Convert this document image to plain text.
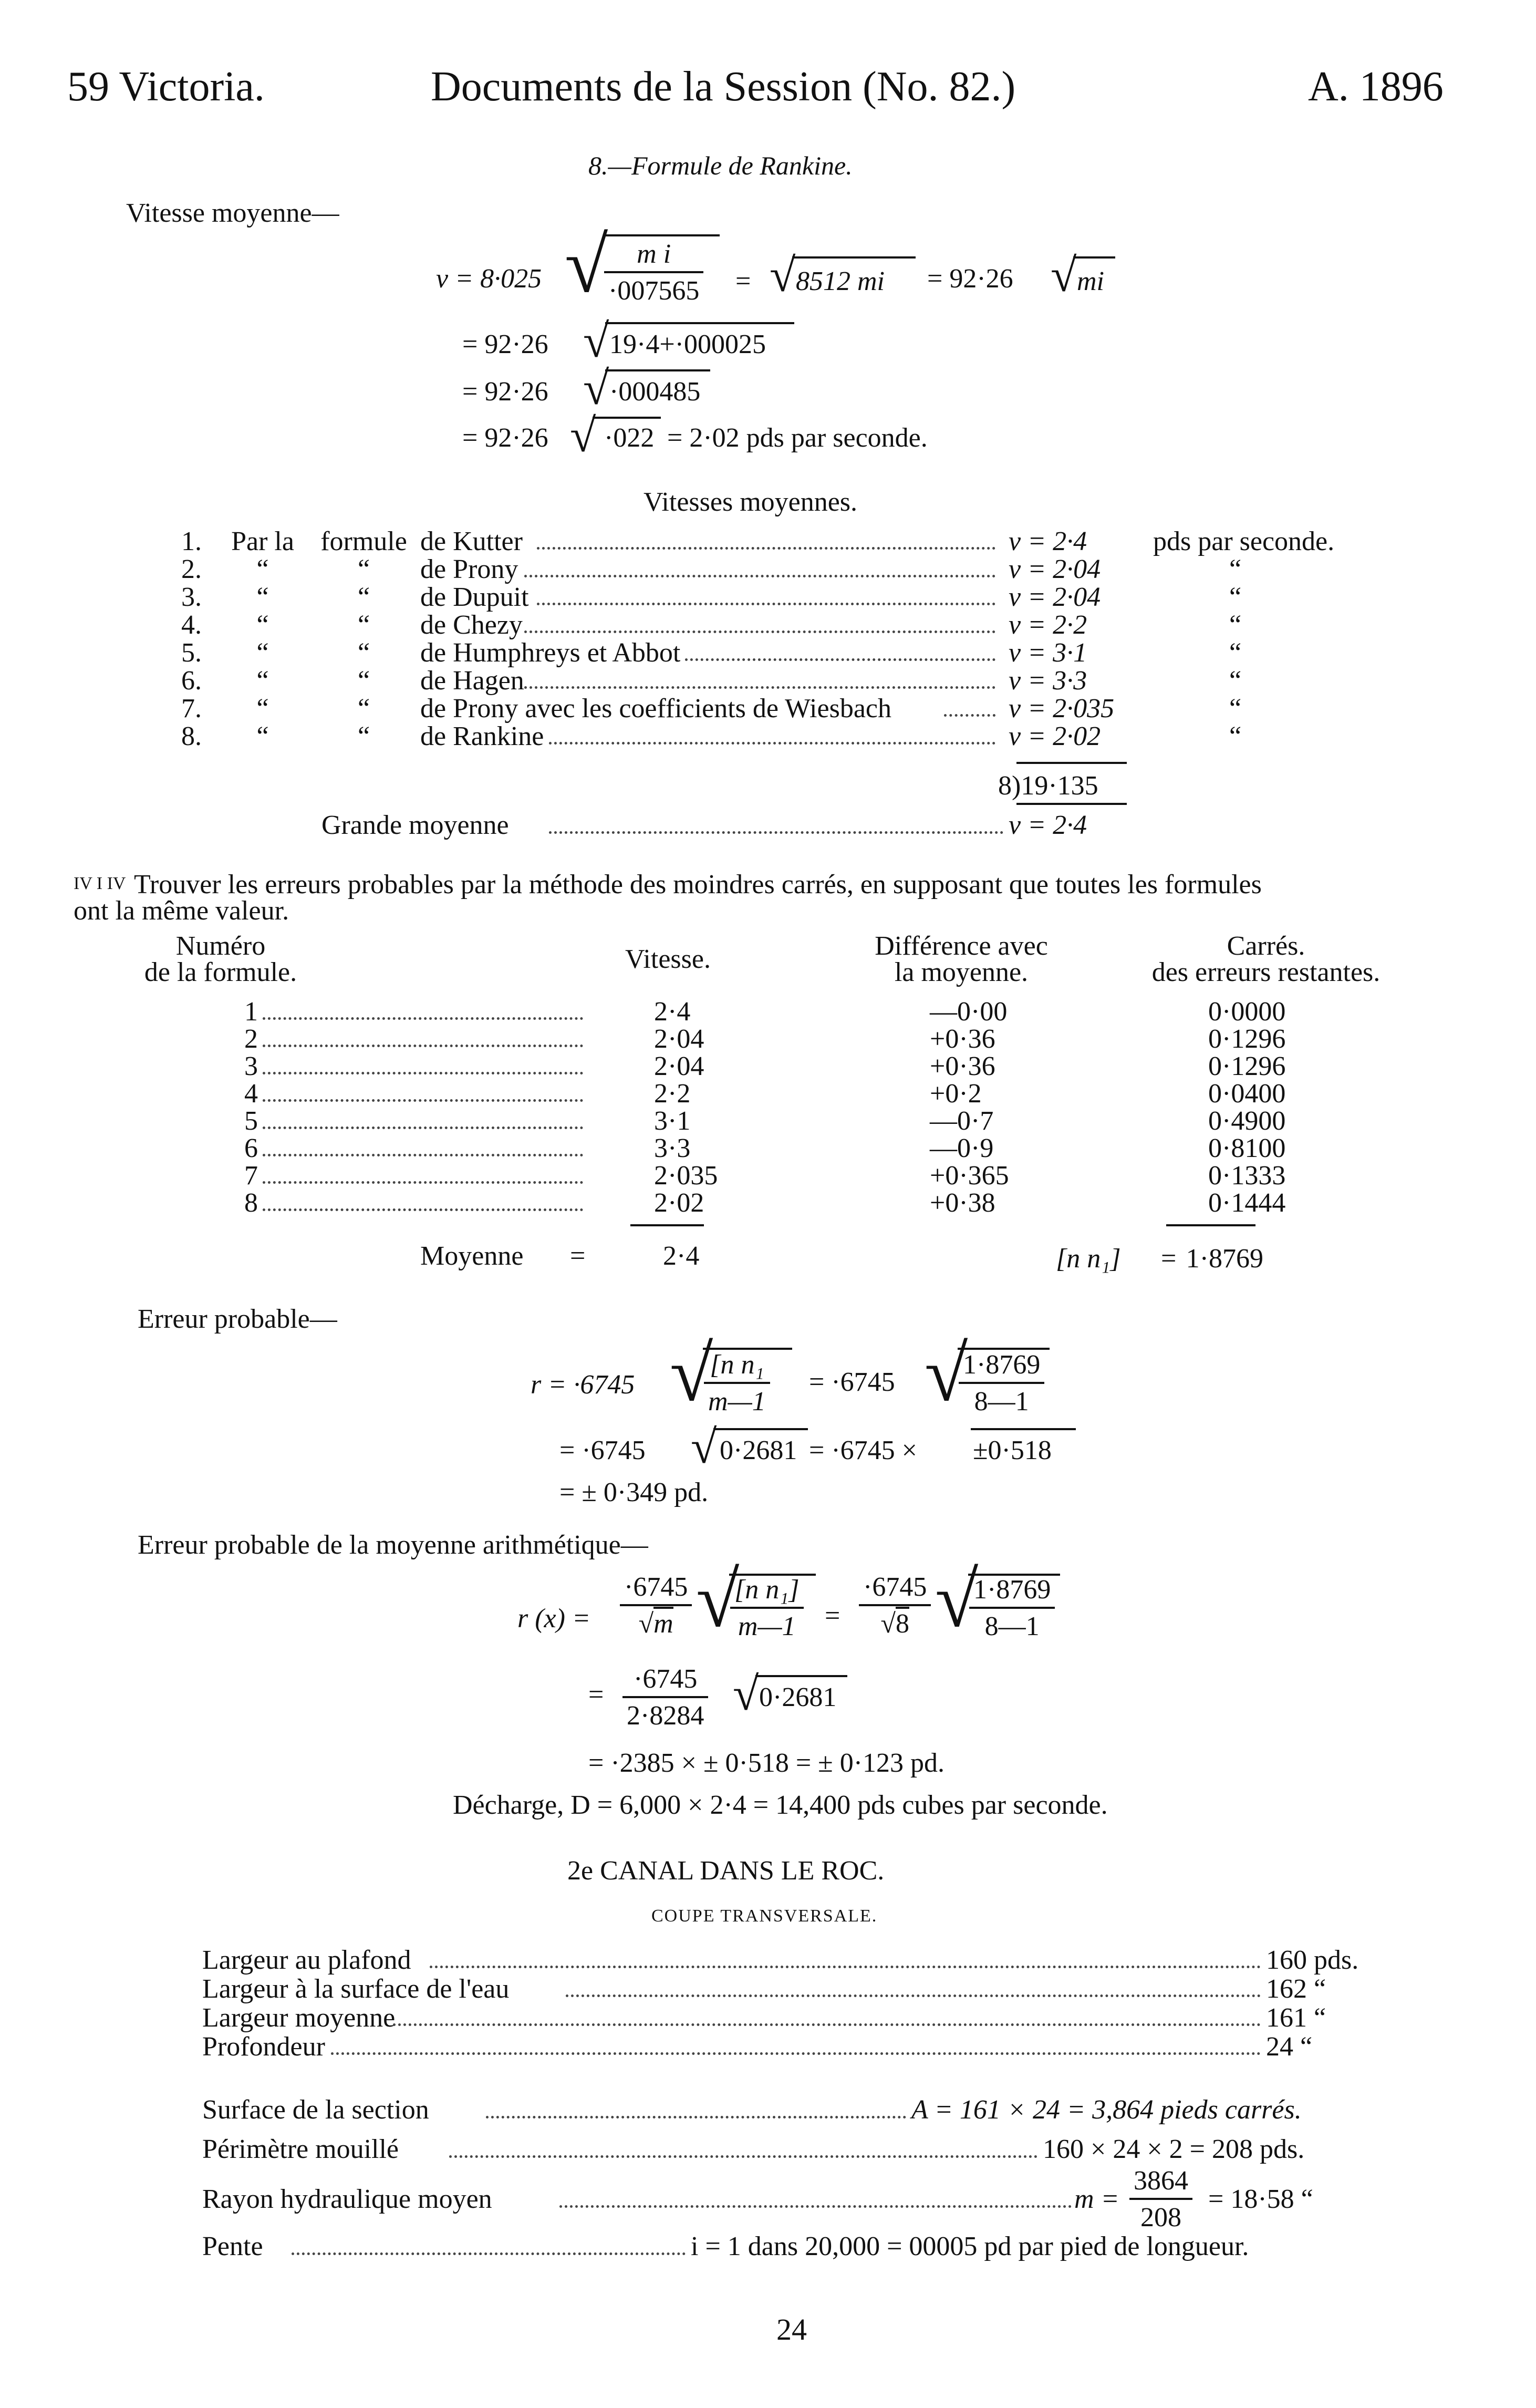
59 Victoria.	Documents de la Session (No. 82.)	A. 1896
8.—Formule de Rankine.
Vitesse moyenne—
v = 8·025 √
$\frac{\text{m i}}{\cdot 007565}$ = √ 8512 mi = 92·26 √ mi
= 92·26 √ 19·4+·000025
= 92·26 √ ·000485
= 92·26 √ ·022 = 2·02 pds par seconde.
Vitesses moyennes.
pds par seconde.
1. Par la formule de Kutter	v = 2·4
2.	“	“	de Prony	v = 2·04	“
3.	“	“	de Dupuit	v = 2·04	“
4.	“	“	de Chezy	v = 2·2	“
5.	“	“	de Humphreys et Abbot	v = 3·1	“
6.	“	“	de Hagen	v = 3·3	“
7.	“	“	de Prony avec les coefficients de Wiesbach	v = 2·035	“
8.	“	“	de Rankine	v = 2·02	“
8)19·135
Grande moyenne	v = 2·4
IV I IV Trouver les erreurs probables par la méthode des moindres carrés, en supposant que toutes les formules
ont la même valeur.
Numéro
de la formule.	Vitesse.	Différence avec
la moyenne.
Carrés.
des erreurs restantes.
1	2·4	—0·00	0·0000
2	2·04	+0·36	0·1296
3	2·04	+0·36	0·1296
4	2·2	+0·2	0·0400
5	3·1	—0·7	0·4900
6	3·3	—0·9	0·8100
7	2·035	+0·365	0·1333
8	2·02	+0·38	0·1444
Moyenne =	2·4	[n n₁] = 1·8769
Erreur probable—
r = ·6745 √
$\frac{\text{[n n₁}}{m—1} = \cdot 6745$ √
$\frac{1\cdot 8769}{8—1}$
= ·6745 √ 0·2681 = ·6745 × ±0·518
= ± 0·349 pd.
Erreur probable de la moyenne arithmétique—
r $(x) = \frac{\cdot 6745}{√m}$ √
$\frac{\text{[n n₁]}}{m—1} = \frac{\cdot 6745}{√8}$ √
$\frac{1\cdot 8769}{8—1}$
= $\frac{\cdot 6745}{2\cdot 8284}$ √ 0·2681
= ·2385 × ± 0·518 = ± 0·123 pd.
Décharge, D = 6,000 × 2·4 = 14,400 pds cubes par seconde.
2e CANAL DANS LE ROC.
COUPE TRANSVERSALE.
Largeur au plafond	160 pds.
Largeur à la surface de l'eau	162 “
Largeur moyenne	161 “
Profondeur	24 “
Surface de la section	A = 161 × 24 = 3,864 pieds carrés.
Périmètre mouillé	160 × 24 × 2 = 208 pds.
Rayon hydraulique moyen	$m = \frac{3864}{208} = 18\cdot 58$ “
Pente	i = 1 dans 20,000 = 00005 pd par pied de longueur.
24
